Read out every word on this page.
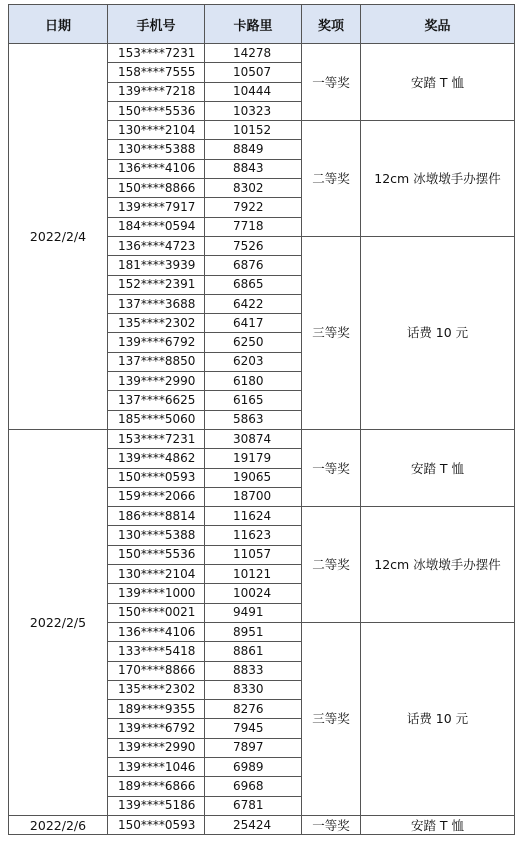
日期	手机号	卡路里	奖项	奖品
2022/2/4	153****7231	14278	一等奖	安踏 T 恤
	158****7555	10507		
	139****7218	10444		
	150****5536	10323		
	130****2104	10152	二等奖	12cm 冰墩墩手办摆件
	130****5388	8849		
	136****4106	8843		
	150****8866	8302		
	139****7917	7922		
	184****0594	7718		
	136****4723	7526	三等奖	话费 10 元
	181****3939	6876		
	152****2391	6865		
	137****3688	6422		
	135****2302	6417		
	139****6792	6250		
	137****8850	6203		
	139****2990	6180		
	137****6625	6165		
	185****5060	5863		
2022/2/5	153****7231	30874	一等奖	安踏 T 恤
	139****4862	19179		
	150****0593	19065		
	159****2066	18700		
	186****8814	11624	二等奖	12cm 冰墩墩手办摆件
	130****5388	11623		
	150****5536	11057		
	130****2104	10121		
	139****1000	10024		
	150****0021	9491		
	136****4106	8951	三等奖	话费 10 元
	133****5418	8861		
	170****8866	8833		
	135****2302	8330		
	189****9355	8276		
	139****6792	7945		
	139****2990	7897		
	139****1046	6989		
	189****6866	6968		
	139****5186	6781		
2022/2/6	150****0593	25424	一等奖	安踏 T 恤
